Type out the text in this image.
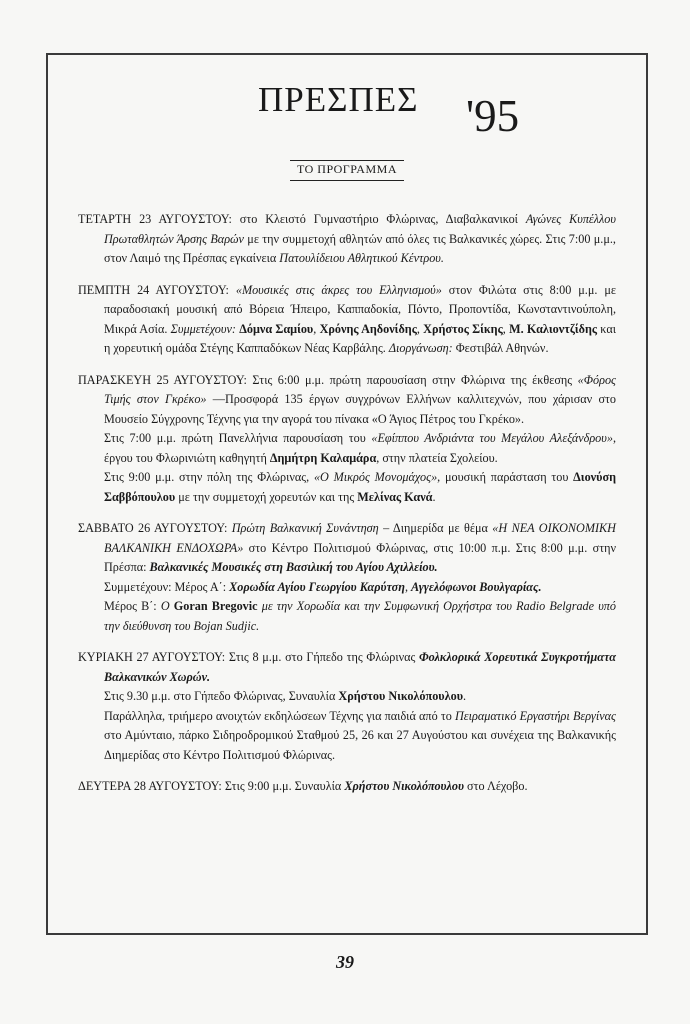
ΠΡΕΣΠΕΣ '95
ΤΟ ΠΡΟΓΡΑΜΜΑ

ΤΕΤΑΡΤΗ 23 ΑΥΓΟΥΣΤΟΥ: στο Κλειστό Γυμναστήριο Φλώρινας, Διαβαλκανικοί Αγώνες Κυπέλλου Πρωταθλητών Άρσης Βαρών με την συμμετοχή αθλητών από όλες τις Βαλκανικές χώρες. Στις 7:00 μ.μ., στον Λαιμό της Πρέσπας εγκαίνεια Πατουλίδειου Αθλητικού Κέντρου.

ΠΕΜΠΤΗ 24 ΑΥΓΟΥΣΤΟΥ: «Μουσικές στις άκρες του Ελληνισμού» στον Φιλώτα στις 8:00 μ.μ. με παραδοσιακή μουσική από Βόρεια Ήπειρο, Καππαδοκία, Πόντο, Προποντίδα, Κωνσταντινούπολη, Μικρά Ασία. Συμμετέχουν: Δόμνα Σαμίου, Χρόνης Αηδονίδης, Χρήστος Σίκης, Μ. Καλιοντζίδης και η χορευτική ομάδα Στέγης Καππαδόκων Νέας Καρβάλης. Διοργάνωση: Φεστιβάλ Αθηνών.

ΠΑΡΑΣΚΕΥΗ 25 ΑΥΓΟΥΣΤΟΥ: Στις 6:00 μ.μ. πρώτη παρουσίαση στην Φλώρινα της έκθεσης «Φόρος Τιμής στον Γκρέκο» —Προσφορά 135 έργων συγχρόνων Ελλήνων καλλιτεχνών, που χάρισαν στο Μουσείο Σύγχρονης Τέχνης για την αγορά του πίνακα «Ο Άγιος Πέτρος του Γκρέκο».

Στις 7:00 μ.μ. πρώτη Πανελλήνια παρουσίαση του «Εφίππου Ανδριάντα του Μεγάλου Αλεξάνδρου», έργου του Φλωρινιώτη καθηγητή Δημήτρη Καλαμάρα, στην πλατεία Σχολείου.

Στις 9:00 μ.μ. στην πόλη της Φλώρινας, «Ο Μικρός Μονομάχος», μουσική παράσταση του Διονύση Σαββόπουλου με την συμμετοχή χορευτών και της Μελίνας Κανά.

ΣΑΒΒΑΤΟ 26 ΑΥΓΟΥΣΤΟΥ: Πρώτη Βαλκανική Συνάντηση – Διημερίδα με θέμα «Η ΝΕΑ ΟΙΚΟΝΟΜΙΚΗ ΒΑΛΚΑΝΙΚΗ ΕΝΔΟΧΩΡΑ» στο Κέντρο Πολιτισμού Φλώρινας, στις 10:00 π.μ. Στις 8:00 μ.μ. στην Πρέσπα: Βαλκανικές Μουσικές στη Βασιλική του Αγίου Αχιλλείου.

Συμμετέχουν: Μέρος Α΄: Χορωδία Αγίου Γεωργίου Καρύτση, Αγγελόφωνοι Βουλγαρίας.

Μέρος Β΄: Ο Goran Bregovic με την Χορωδία και την Συμφωνική Ορχήστρα του Radio Belgrade υπό την διεύθυνση του Bojan Sudjic.

ΚΥΡΙΑΚΗ 27 ΑΥΓΟΥΣΤΟΥ: Στις 8 μ.μ. στο Γήπεδο της Φλώρινας Φολκλορικά Χορευτικά Συγκροτήματα Βαλκανικών Χωρών.

Στις 9.30 μ.μ. στο Γήπεδο Φλώρινας, Συναυλία Χρήστου Νικολόπουλου.

Παράλληλα, τριήμερο ανοιχτών εκδηλώσεων Τέχνης για παιδιά από το Πειραματικό Εργαστήρι Βεργίνας στο Αμύνταιο, πάρκο Σιδηροδρομικού Σταθμού 25, 26 και 27 Αυγούστου και συνέχεια της Βαλκανικής Διημερίδας στο Κέντρο Πολιτισμού Φλώρινας.

ΔΕΥΤΕΡΑ 28 ΑΥΓΟΥΣΤΟΥ: Στις 9:00 μ.μ. Συναυλία Χρήστου Νικολόπουλου στο Λέχοβο.

39
